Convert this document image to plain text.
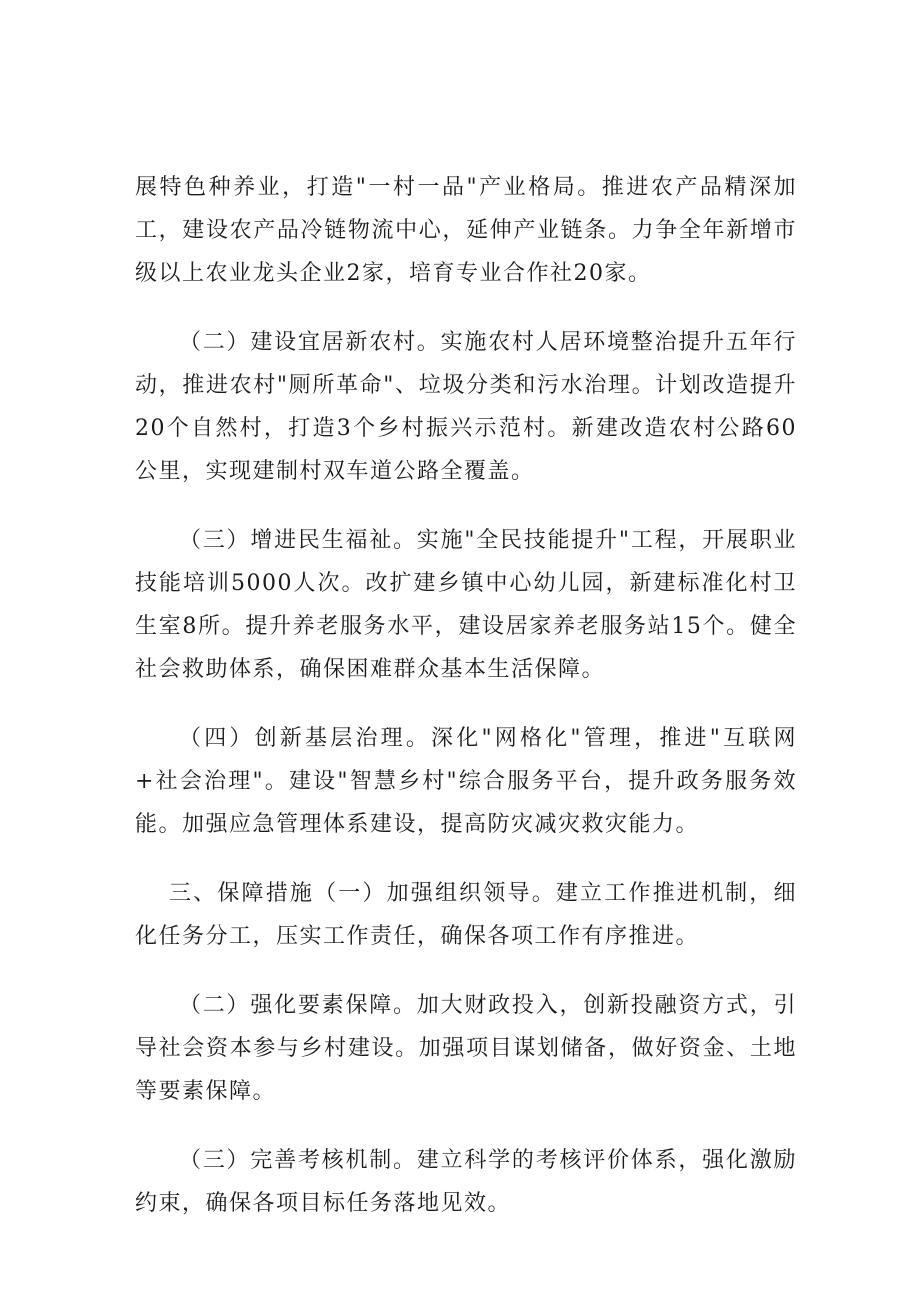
展特色种养业，打造"一村一品"产业格局。推进农产品精深加工，建设农产品冷链物流中心，延伸产业链条。力争全年新增市级以上农业龙头企业2家，培育专业合作社20家。

（二）建设宜居新农村。实施农村人居环境整治提升五年行动，推进农村"厕所革命"、垃圾分类和污水治理。计划改造提升20个自然村，打造3个乡村振兴示范村。新建改造农村公路60公里，实现建制村双车道公路全覆盖。

（三）增进民生福祉。实施"全民技能提升"工程，开展职业技能培训5000人次。改扩建乡镇中心幼儿园，新建标准化村卫生室8所。提升养老服务水平，建设居家养老服务站15个。健全社会救助体系，确保困难群众基本生活保障。

（四）创新基层治理。深化"网格化"管理，推进"互联网+社会治理"。建设"智慧乡村"综合服务平台，提升政务服务效能。加强应急管理体系建设，提高防灾减灾救灾能力。

三、保障措施（一）加强组织领导。建立工作推进机制，细化任务分工，压实工作责任，确保各项工作有序推进。

（二）强化要素保障。加大财政投入，创新投融资方式，引导社会资本参与乡村建设。加强项目谋划储备，做好资金、土地等要素保障。

（三）完善考核机制。建立科学的考核评价体系，强化激励约束，确保各项目标任务落地见效。
